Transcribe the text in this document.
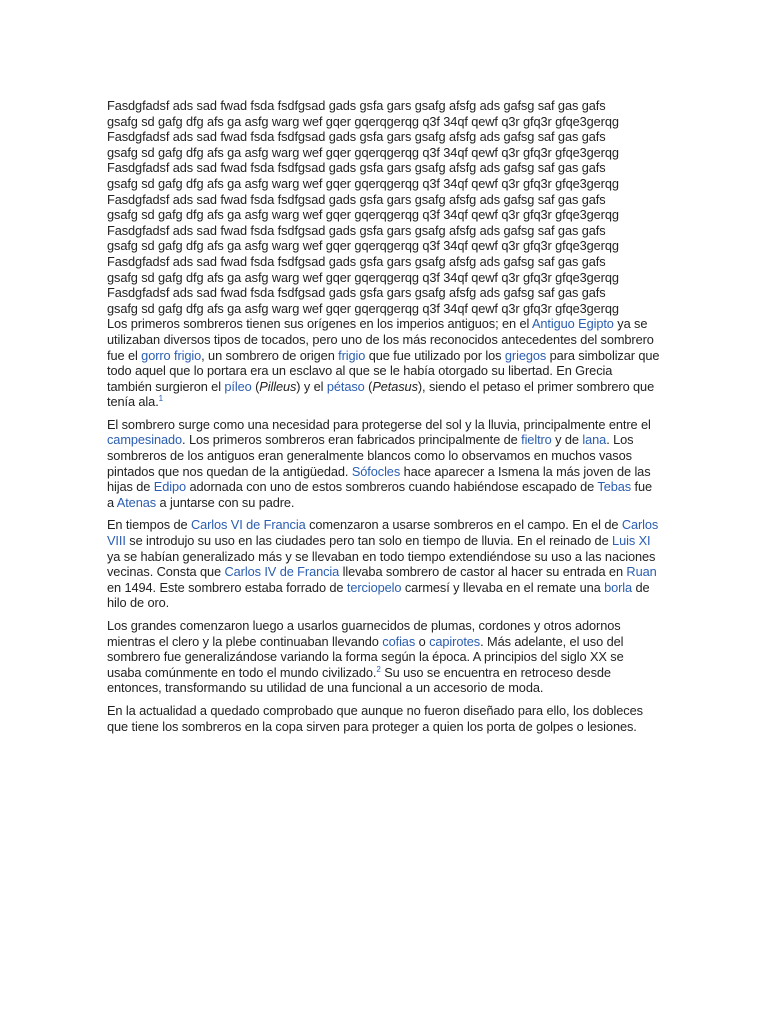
Fasdgfadsf ads sad fwad fsda fsdfgsad gads gsfa gars gsafg afsfg ads gafsg saf gas gafs
gsafg sd gafg dfg afs ga asfg warg wef gqer gqerqgerqg q3f 34qf qewf q3r gfq3r gfqe3gerqg
Fasdgfadsf ads sad fwad fsda fsdfgsad gads gsfa gars gsafg afsfg ads gafsg saf gas gafs
gsafg sd gafg dfg afs ga asfg warg wef gqer gqerqgerqg q3f 34qf qewf q3r gfq3r gfqe3gerqg
Fasdgfadsf ads sad fwad fsda fsdfgsad gads gsfa gars gsafg afsfg ads gafsg saf gas gafs
gsafg sd gafg dfg afs ga asfg warg wef gqer gqerqgerqg q3f 34qf qewf q3r gfq3r gfqe3gerqg
Fasdgfadsf ads sad fwad fsda fsdfgsad gads gsfa gars gsafg afsfg ads gafsg saf gas gafs
gsafg sd gafg dfg afs ga asfg warg wef gqer gqerqgerqg q3f 34qf qewf q3r gfq3r gfqe3gerqg
Fasdgfadsf ads sad fwad fsda fsdfgsad gads gsfa gars gsafg afsfg ads gafsg saf gas gafs
gsafg sd gafg dfg afs ga asfg warg wef gqer gqerqgerqg q3f 34qf qewf q3r gfq3r gfqe3gerqg
Fasdgfadsf ads sad fwad fsda fsdfgsad gads gsfa gars gsafg afsfg ads gafsg saf gas gafs
gsafg sd gafg dfg afs ga asfg warg wef gqer gqerqgerqg q3f 34qf qewf q3r gfq3r gfqe3gerqg
Fasdgfadsf ads sad fwad fsda fsdfgsad gads gsfa gars gsafg afsfg ads gafsg saf gas gafs
gsafg sd gafg dfg afs ga asfg warg wef gqer gqerqgerqg q3f 34qf qewf q3r gfq3r gfqe3gerqg

Los primeros sombreros tienen sus orígenes en los imperios antiguos; en el Antiguo Egipto ya se utilizaban diversos tipos de tocados, pero uno de los más reconocidos antecedentes del sombrero fue el gorro frigio, un sombrero de origen frigio que fue utilizado por los griegos para simbolizar que todo aquel que lo portara era un esclavo al que se le había otorgado su libertad. En Grecia también surgieron el píleo (Pilleus) y el pétaso (Petasus), siendo el petaso el primer sombrero que tenía ala.$^1$

El sombrero surge como una necesidad para protegerse del sol y la lluvia, principalmente entre el campesinado. Los primeros sombreros eran fabricados principalmente de fieltro y de lana. Los sombreros de los antiguos eran generalmente blancos como lo observamos en muchos vasos pintados que nos quedan de la antigüedad. Sófocles hace aparecer a Ismena la más joven de las hijas de Edipo adornada con uno de estos sombreros cuando habiéndose escapado de Tebas fue a Atenas a juntarse con su padre.

En tiempos de Carlos VI de Francia comenzaron a usarse sombreros en el campo. En el de Carlos VIII se introdujo su uso en las ciudades pero tan solo en tiempo de lluvia. En el reinado de Luis XI ya se habían generalizado más y se llevaban en todo tiempo extendiéndose su uso a las naciones vecinas. Consta que Carlos IV de Francia llevaba sombrero de castor al hacer su entrada en Ruan en 1494. Este sombrero estaba forrado de terciopelo carmesí y llevaba en el remate una borla de hilo de oro.

Los grandes comenzaron luego a usarlos guarnecidos de plumas, cordones y otros adornos mientras el clero y la plebe continuaban llevando cofias o capirotes. Más adelante, el uso del sombrero fue generalizándose variando la forma según la época. A principios del siglo XX se usaba comúnmente en todo el mundo civilizado.$^2$ Su uso se encuentra en retroceso desde entonces, transformando su utilidad de una funcional a un accesorio de moda.

En la actualidad a quedado comprobado que aunque no fueron diseñado para ello, los dobleces que tiene los sombreros en la copa sirven para proteger a quien los porta de golpes o lesiones.
